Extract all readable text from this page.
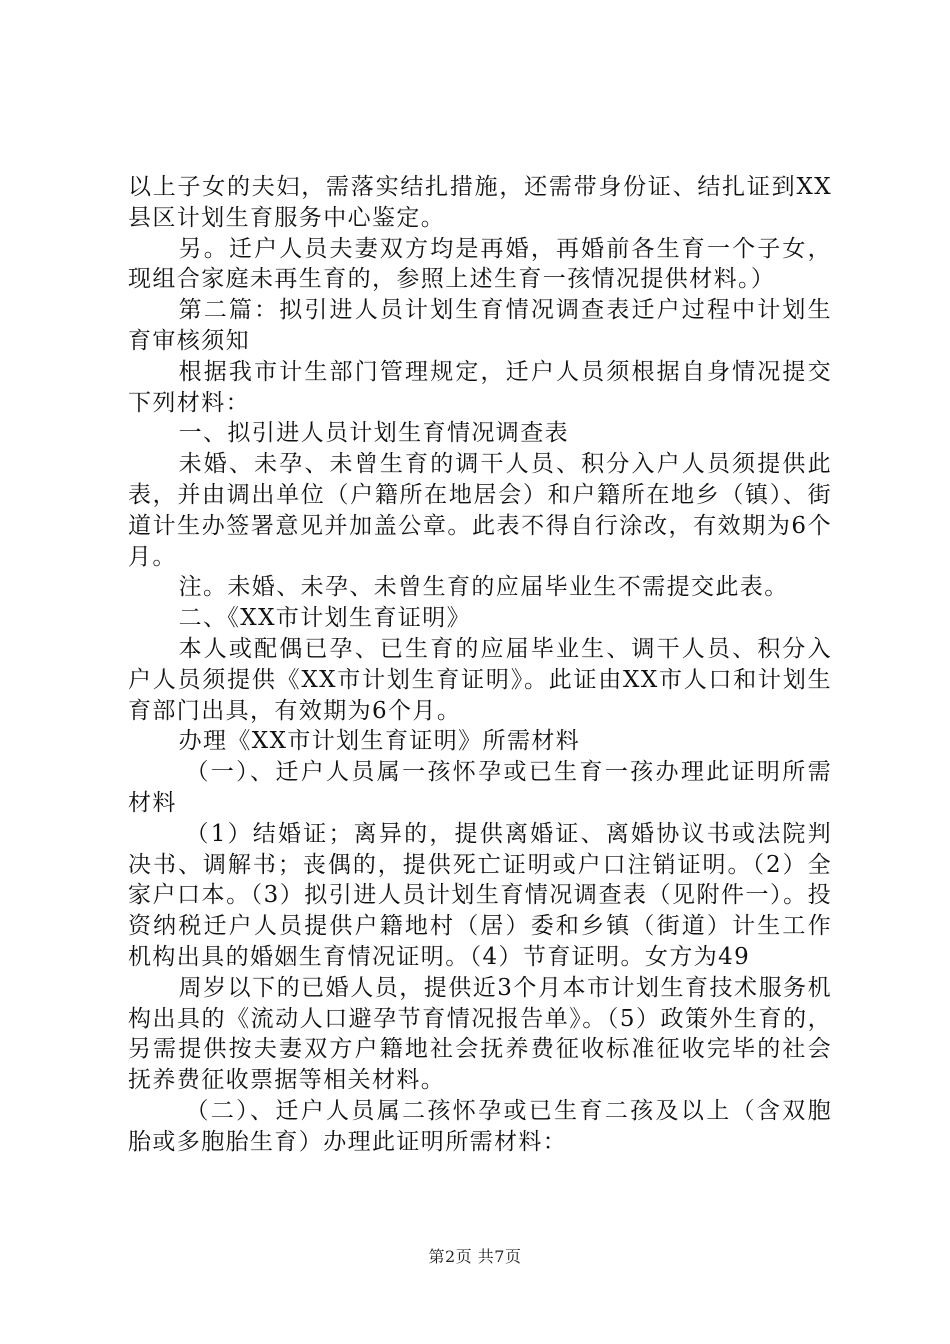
以上子女的夫妇，需落实结扎措施，还需带身份证、结扎证到XX县区计划生育服务中心鉴定。

另。迁户人员夫妻双方均是再婚，再婚前各生育一个子女，现组合家庭未再生育的，参照上述生育一孩情况提供材料。）

第二篇：拟引进人员计划生育情况调查表迁户过程中计划生育审核须知

根据我市计生部门管理规定，迁户人员须根据自身情况提交下列材料：

一、拟引进人员计划生育情况调查表

未婚、未孕、未曾生育的调干人员、积分入户人员须提供此表，并由调出单位（户籍所在地居会）和户籍所在地乡（镇）、街道计生办签署意见并加盖公章。此表不得自行涂改，有效期为6个月。

注。未婚、未孕、未曾生育的应届毕业生不需提交此表。

二、《XX市计划生育证明》

本人或配偶已孕、已生育的应届毕业生、调干人员、积分入户人员须提供《XX市计划生育证明》。此证由XX市人口和计划生育部门出具，有效期为6个月。

办理《XX市计划生育证明》所需材料

（一）、迁户人员属一孩怀孕或已生育一孩办理此证明所需材料

（1）结婚证；离异的，提供离婚证、离婚协议书或法院判决书、调解书；丧偶的，提供死亡证明或户口注销证明。（2）全家户口本。（3）拟引进人员计划生育情况调查表（见附件一）。投资纳税迁户人员提供户籍地村（居）委和乡镇（街道）计生工作机构出具的婚姻生育情况证明。（4）节育证明。女方为49

周岁以下的已婚人员，提供近3个月本市计划生育技术服务机构出具的《流动人口避孕节育情况报告单》。（5）政策外生育的，另需提供按夫妻双方户籍地社会抚养费征收标准征收完毕的社会抚养费征收票据等相关材料。

（二）、迁户人员属二孩怀孕或已生育二孩及以上（含双胞胎或多胞胎生育）办理此证明所需材料：

第2页 共7页
